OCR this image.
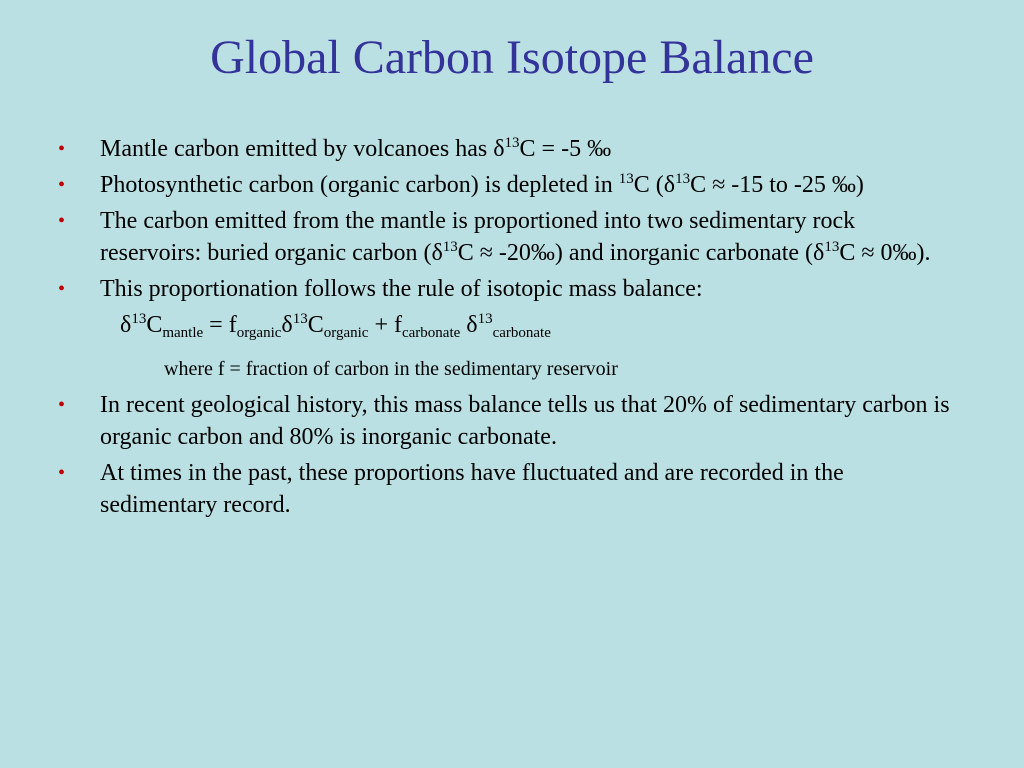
Global Carbon Isotope Balance
• Mantle carbon emitted by volcanoes has $\delta^{13}C = -5$ ‰
• Photosynthetic carbon (organic carbon) is depleted in $^{13}$C ($\delta^{13}C \approx -15$ to -25 ‰)
• The carbon emitted from the mantle is proportioned into two sedimentary rock reservoirs: buried organic carbon ($\delta^{13}C$ ≈ -20‰) and inorganic carbonate ($\delta^{13}C$ ≈ 0‰).
• This proportionation follows the rule of isotopic mass balance:
$\delta^{13}C_{mantle} = f_{organic}\delta^{13}C_{organic} + f_{carbonate}$ $\delta^{13}_{carbonate}$
where f = fraction of carbon in the sedimentary reservoir
• In recent geological history, this mass balance tells us that 20% of sedimentary carbon is organic carbon and 80% is inorganic carbonate.
• At times in the past, these proportions have fluctuated and are recorded in the sedimentary record.
